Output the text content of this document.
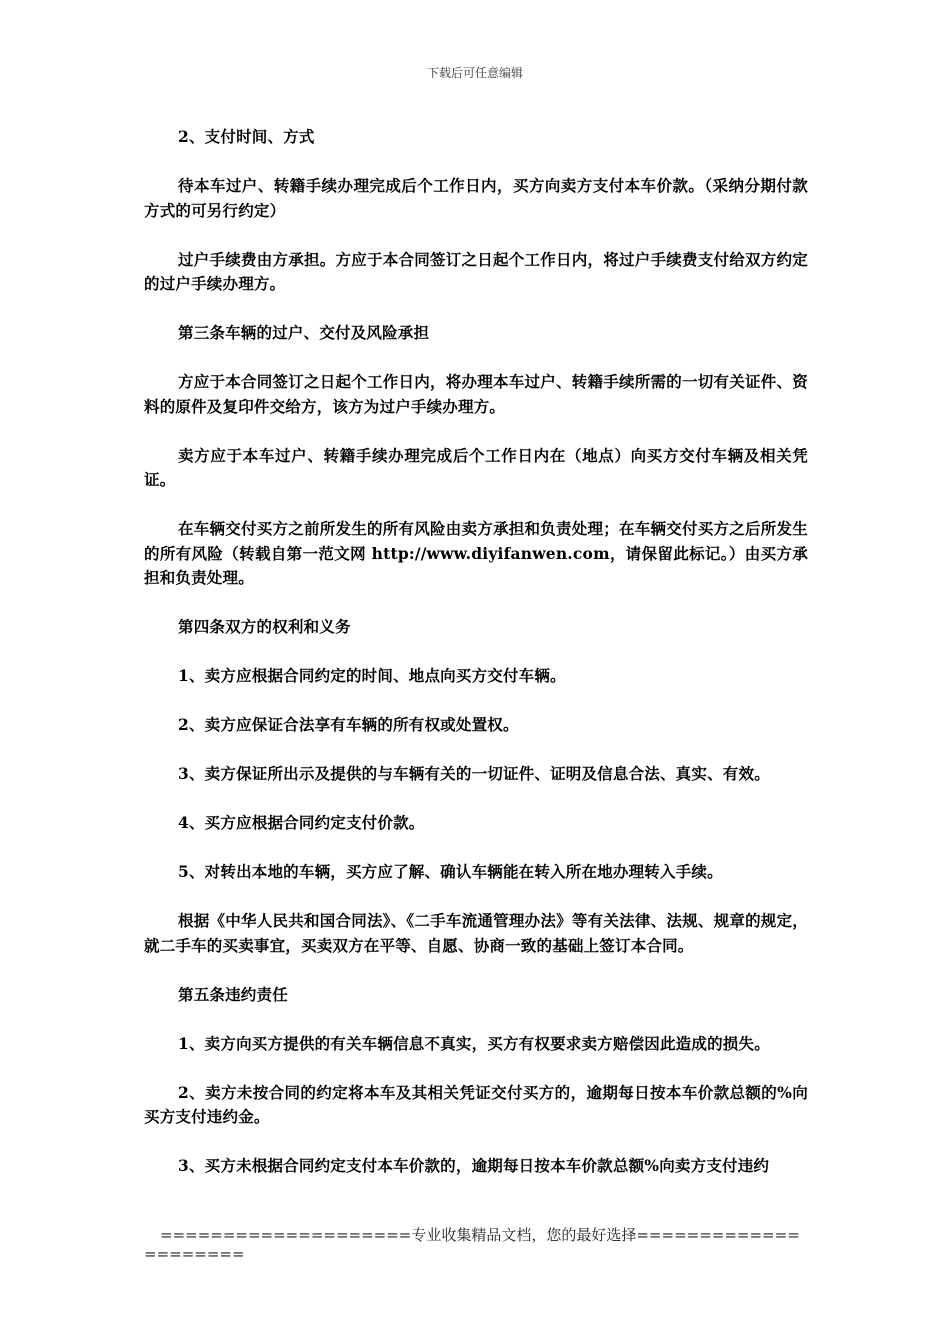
下载后可任意编辑

2、支付时间、方式

待本车过户、转籍手续办理完成后个工作日内，买方向卖方支付本车价款。（采纳分期付款方式的可另行约定）

过户手续费由方承担。方应于本合同签订之日起个工作日内，将过户手续费支付给双方约定的过户手续办理方。

第三条车辆的过户、交付及风险承担

方应于本合同签订之日起个工作日内，将办理本车过户、转籍手续所需的一切有关证件、资料的原件及复印件交给方，该方为过户手续办理方。

卖方应于本车过户、转籍手续办理完成后个工作日内在（地点）向买方交付车辆及相关凭证。

在车辆交付买方之前所发生的所有风险由卖方承担和负责处理；在车辆交付买方之后所发生的所有风险（转载自第一范文网 http://www.diyifanwen.com，请保留此标记。）由买方承担和负责处理。

第四条双方的权利和义务

1、卖方应根据合同约定的时间、地点向买方交付车辆。

2、卖方应保证合法享有车辆的所有权或处置权。

3、卖方保证所出示及提供的与车辆有关的一切证件、证明及信息合法、真实、有效。

4、买方应根据合同约定支付价款。

5、对转出本地的车辆，买方应了解、确认车辆能在转入所在地办理转入手续。

根据《中华人民共和国合同法》、《二手车流通管理办法》等有关法律、法规、规章的规定，就二手车的买卖事宜，买卖双方在平等、自愿、协商一致的基础上签订本合同。

第五条违约责任

1、卖方向买方提供的有关车辆信息不真实，买方有权要求卖方赔偿因此造成的损失。

2、卖方未按合同的约定将本车及其相关凭证交付买方的，逾期每日按本车价款总额的%向买方支付违约金。

3、买方未根据合同约定支付本车价款的，逾期每日按本车价款总额%向卖方支付违约

====================专业收集精品文档，您的最好选择=====================
